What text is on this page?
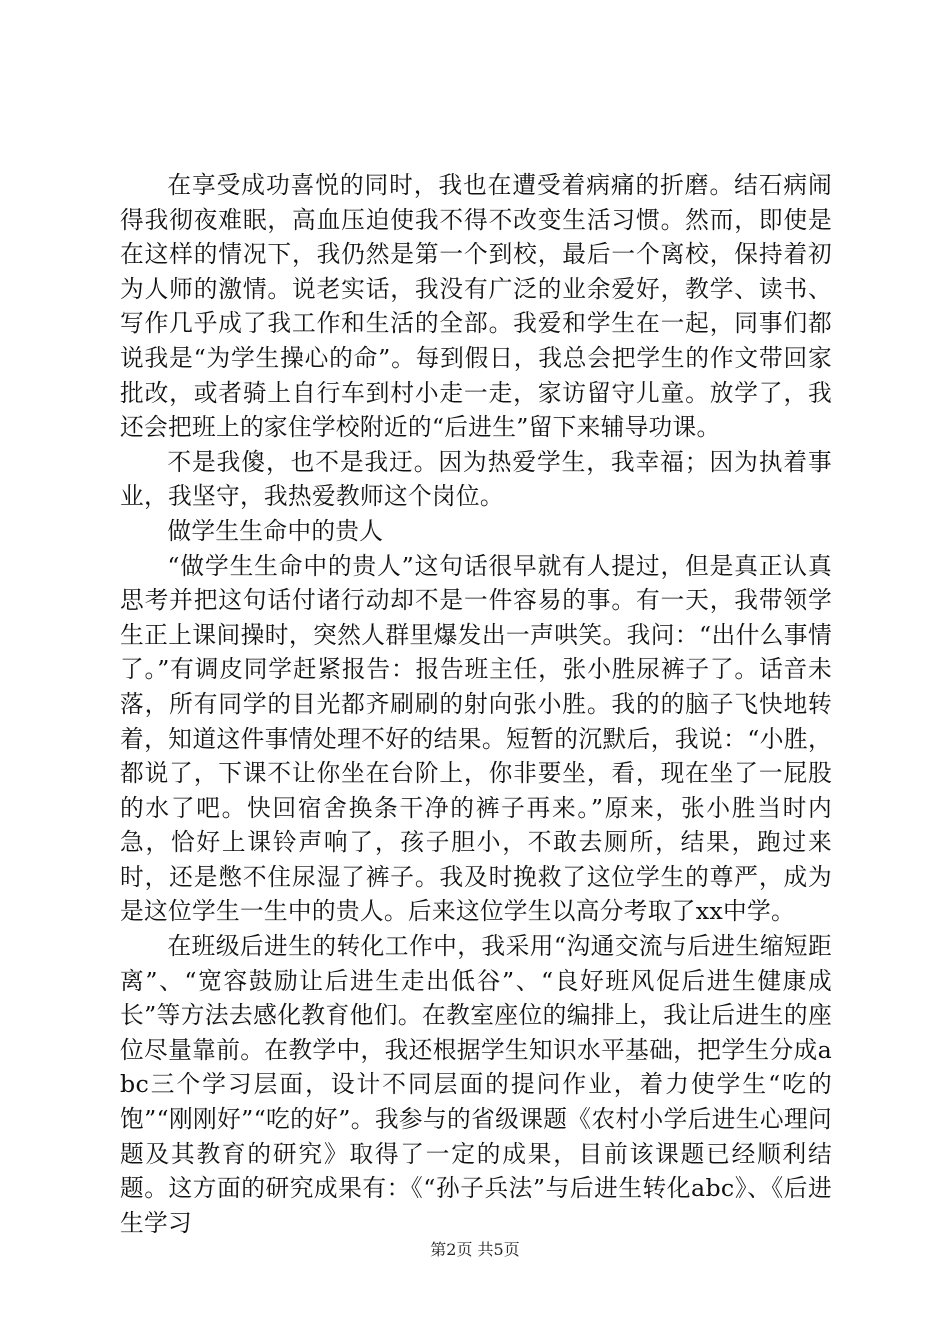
在享受成功喜悦的同时，我也在遭受着病痛的折磨。结石病闹得我彻夜难眠，高血压迫使我不得不改变生活习惯。然而，即使是在这样的情况下，我仍然是第一个到校，最后一个离校，保持着初为人师的激情。说老实话，我没有广泛的业余爱好，教学、读书、写作几乎成了我工作和生活的全部。我爱和学生在一起，同事们都说我是“为学生操心的命”。每到假日，我总会把学生的作文带回家批改，或者骑上自行车到村小走一走，家访留守儿童。放学了，我还会把班上的家住学校附近的“后进生”留下来辅导功课。

不是我傻，也不是我迂。因为热爱学生，我幸福；因为执着事业，我坚守，我热爱教师这个岗位。

做学生生命中的贵人

“做学生生命中的贵人”这句话很早就有人提过，但是真正认真思考并把这句话付诸行动却不是一件容易的事。有一天，我带领学生正上课间操时，突然人群里爆发出一声哄笑。我问：“出什么事情了。”有调皮同学赶紧报告：报告班主任，张小胜尿裤子了。话音未落，所有同学的目光都齐刷刷的射向张小胜。我的的脑子飞快地转着，知道这件事情处理不好的结果。短暂的沉默后，我说：“小胜，都说了，下课不让你坐在台阶上，你非要坐，看，现在坐了一屁股的水了吧。快回宿舍换条干净的裤子再来。”原来，张小胜当时内急，恰好上课铃声响了，孩子胆小，不敢去厕所，结果，跑过来时，还是憋不住尿湿了裤子。我及时挽救了这位学生的尊严，成为是这位学生一生中的贵人。后来这位学生以高分考取了xx中学。

在班级后进生的转化工作中，我采用“沟通交流与后进生缩短距离”、“宽容鼓励让后进生走出低谷”、“良好班风促后进生健康成长”等方法去感化教育他们。在教室座位的编排上，我让后进生的座位尽量靠前。在教学中，我还根据学生知识水平基础，把学生分成abc三个学习层面，设计不同层面的提问作业，着力使学生“吃的饱”“刚刚好”“吃的好”。我参与的省级课题《农村小学后进生心理问题及其教育的研究》取得了一定的成果，目前该课题已经顺利结题。这方面的研究成果有：《“孙子兵法”与后进生转化abc》、《后进生学习

第2页 共5页
